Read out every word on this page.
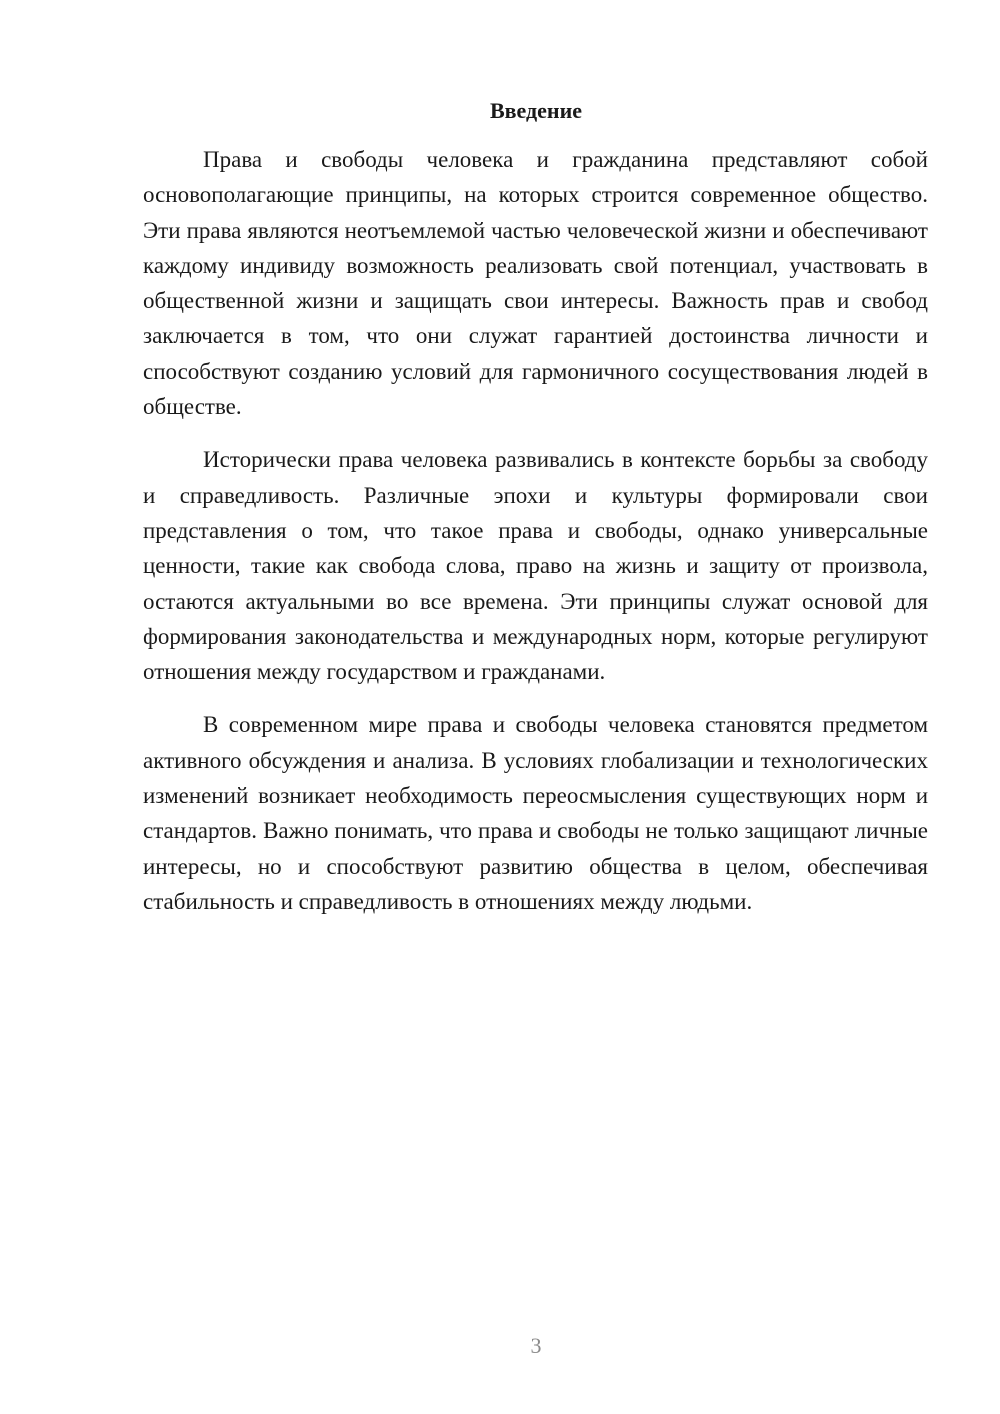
Введение

Права и свободы человека и гражданина представляют собой основополагающие принципы, на которых строится современное общество. Эти права являются неотъемлемой частью человеческой жизни и обеспечивают каждому индивиду возможность реализовать свой потенциал, участвовать в общественной жизни и защищать свои интересы. Важность прав и свобод заключается в том, что они служат гарантией достоинства личности и способствуют созданию условий для гармоничного сосуществования людей в обществе.

Исторически права человека развивались в контексте борьбы за свободу и справедливость. Различные эпохи и культуры формировали свои представления о том, что такое права и свободы, однако универсальные ценности, такие как свобода слова, право на жизнь и защиту от произвола, остаются актуальными во все времена. Эти принципы служат основой для формирования законодательства и международных норм, которые регулируют отношения между государством и гражданами.

В современном мире права и свободы человека становятся предметом активного обсуждения и анализа. В условиях глобализации и технологических изменений возникает необходимость переосмысления существующих норм и стандартов. Важно понимать, что права и свободы не только защищают личные интересы, но и способствуют развитию общества в целом, обеспечивая стабильность и справедливость в отношениях между людьми.

3
